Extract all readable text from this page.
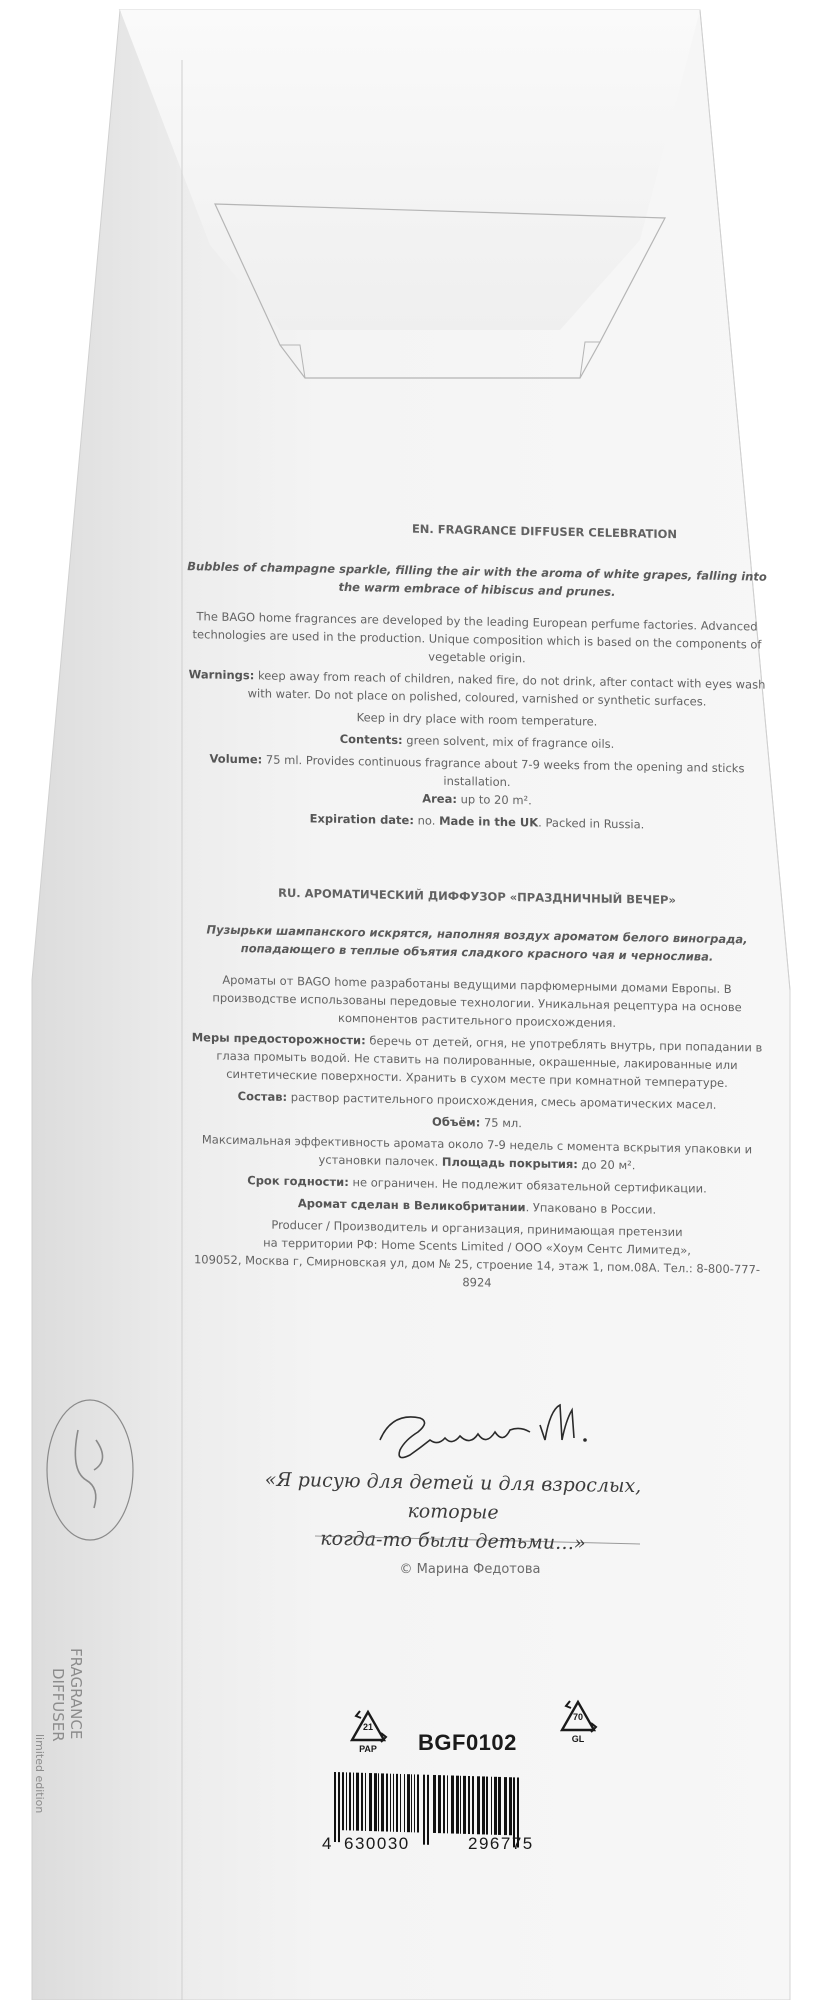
FRAGRANCE
DIFFUSER
limited edition
EN. FRAGRANCE DIFFUSER CELEBRATION

Bubbles of champagne sparkle, filling the air with the aroma of white grapes, falling into the warm embrace of hibiscus and prunes.

The BAGO home fragrances are developed by the leading European perfume factories. Advanced technologies are used in the production. Unique composition which is based on the components of vegetable origin.

Warnings: keep away from reach of children, naked fire, do not drink, after contact with eyes wash with water. Do not place on polished, coloured, varnished or synthetic surfaces.

Keep in dry place with room temperature.

Contents: green solvent, mix of fragrance oils.

Volume: 75 ml. Provides continuous fragrance about 7-9 weeks from the opening and sticks installation.
Area: up to 20 m².

Expiration date: no. Made in the UK. Packed in Russia.

RU. АРОМАТИЧЕСКИЙ ДИФФУЗОР «ПРАЗДНИЧНЫЙ ВЕЧЕР»

Пузырьки шампанского искрятся, наполняя воздух ароматом белого винограда, попадающего в теплые объятия сладкого красного чая и чернослива.

Ароматы от BAGO home разработаны ведущими парфюмерными домами Европы. В производстве использованы передовые технологии. Уникальная рецептура на основе компонентов растительного происхождения.

Меры предосторожности: беречь от детей, огня, не употреблять внутрь, при попадании в глаза промыть водой. Не ставить на полированные, окрашенные, лакированные или синтетические поверхности. Хранить в сухом месте при комнатной температуре.

Состав: раствор растительного происхождения, смесь ароматических масел.

Объём: 75 мл.

Максимальная эффективность аромата около 7-9 недель с момента вскрытия упаковки и установки палочек. Площадь покрытия: до 20 м².

Срок годности: не ограничен. Не подлежит обязательной сертификации.

Аромат сделан в Великобритании. Упаковано в России.

Producer / Производитель и организация, принимающая претензии
на территории РФ: Home Scents Limited / ООО «Хоум Сентс Лимитед»,
109052, Москва г, Смирновская ул, дом № 25, строение 14, этаж 1, пом.08А. Тел.: 8-800-777-8924

«Я рисую для детей и для взрослых, которые
когда-то были детьми…»
© Марина Федотова
21
PAP
70
GL
BGF0102
4 630030	296775
